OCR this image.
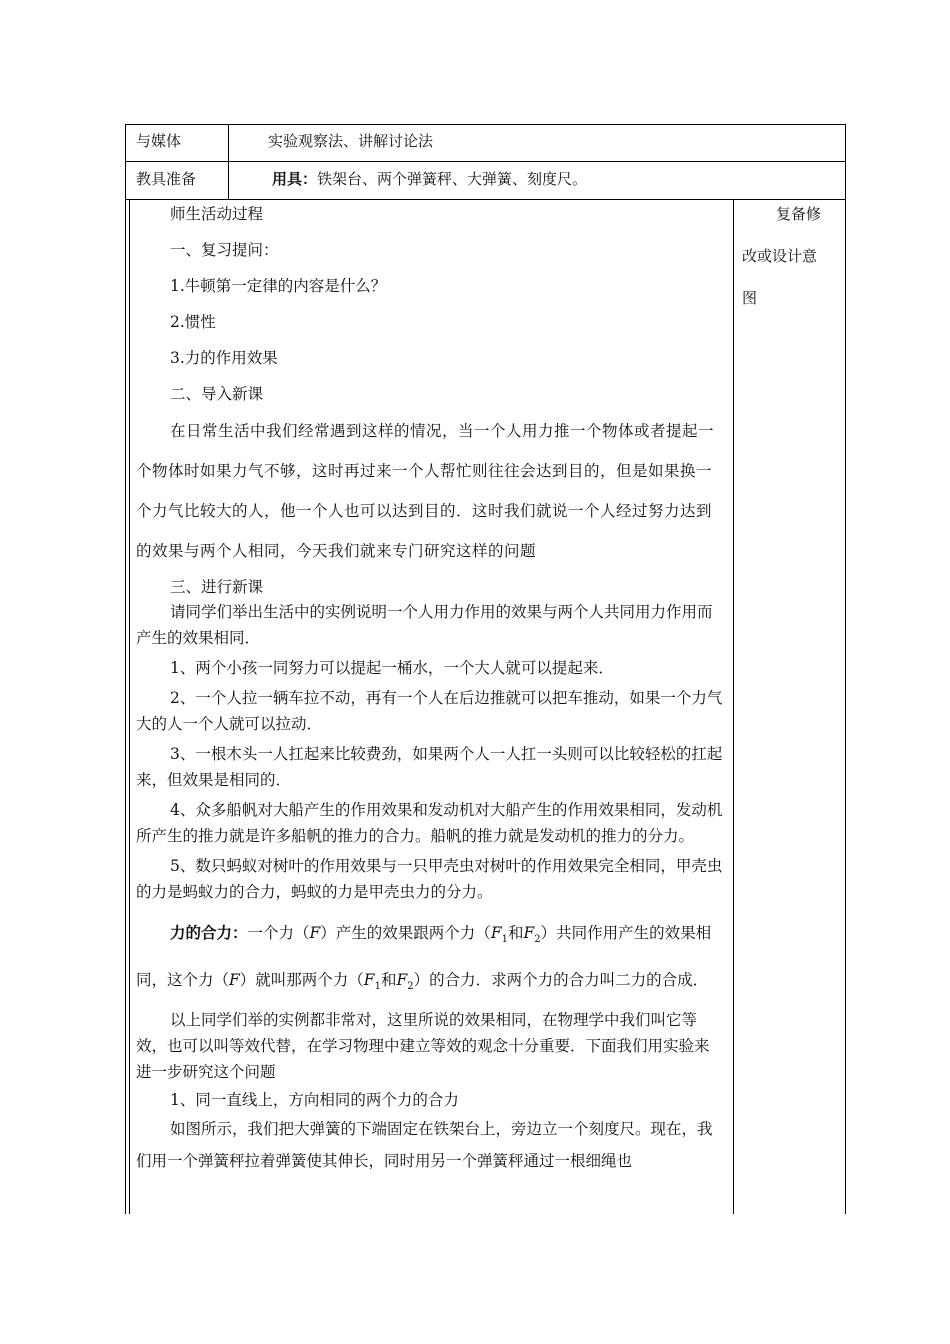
与媒体	实验观察法、讲解讨论法
教具准备	用具：铁架台、两个弹簧秤、大弹簧、刻度尺。
复备修
改或设计意
图

师生活动过程

一、复习提问：

1.牛顿第一定律的内容是什么？

2.惯性

3.力的作用效果

二、导入新课

在日常生活中我们经常遇到这样的情况，当一个人用力推一个物体或者提起一个物体时如果力气不够，这时再过来一个人帮忙则往往会达到目的，但是如果换一个力气比较大的人，他一个人也可以达到目的．这时我们就说一个人经过努力达到的效果与两个人相同，今天我们就来专门研究这样的问题

三、进行新课

请同学们举出生活中的实例说明一个人用力作用的效果与两个人共同用力作用而产生的效果相同．

1、两个小孩一同努力可以提起一桶水，一个大人就可以提起来．

2、一个人拉一辆车拉不动，再有一个人在后边推就可以把车推动，如果一个力气大的人一个人就可以拉动．

3、一根木头一人扛起来比较费劲，如果两个人一人扛一头则可以比较轻松的扛起来，但效果是相同的．

4、众多船帆对大船产生的作用效果和发动机对大船产生的作用效果相同，发动机所产生的推力就是许多船帆的推力的合力。船帆的推力就是发动机的推力的分力。

5、数只蚂蚁对树叶的作用效果与一只甲壳虫对树叶的作用效果完全相同，甲壳虫的力是蚂蚁力的合力，蚂蚁的力是甲壳虫力的分力。

力的合力：一个力（F）产生的效果跟两个力（$F_1$和$F_2$）共同作用产生的效果相同，这个力（F）就叫那两个力（$F_1$和$F_2$）的合力．求两个力的合力叫二力的合成．

以上同学们举的实例都非常对，这里所说的效果相同，在物理学中我们叫它等效，也可以叫等效代替，在学习物理中建立等效的观念十分重要．下面我们用实验来进一步研究这个问题

1、同一直线上，方向相同的两个力的合力

如图所示，我们把大弹簧的下端固定在铁架台上，旁边立一个刻度尺。现在，我们用一个弹簧秤拉着弹簧使其伸长，同时用另一个弹簧秤通过一根细绳也
